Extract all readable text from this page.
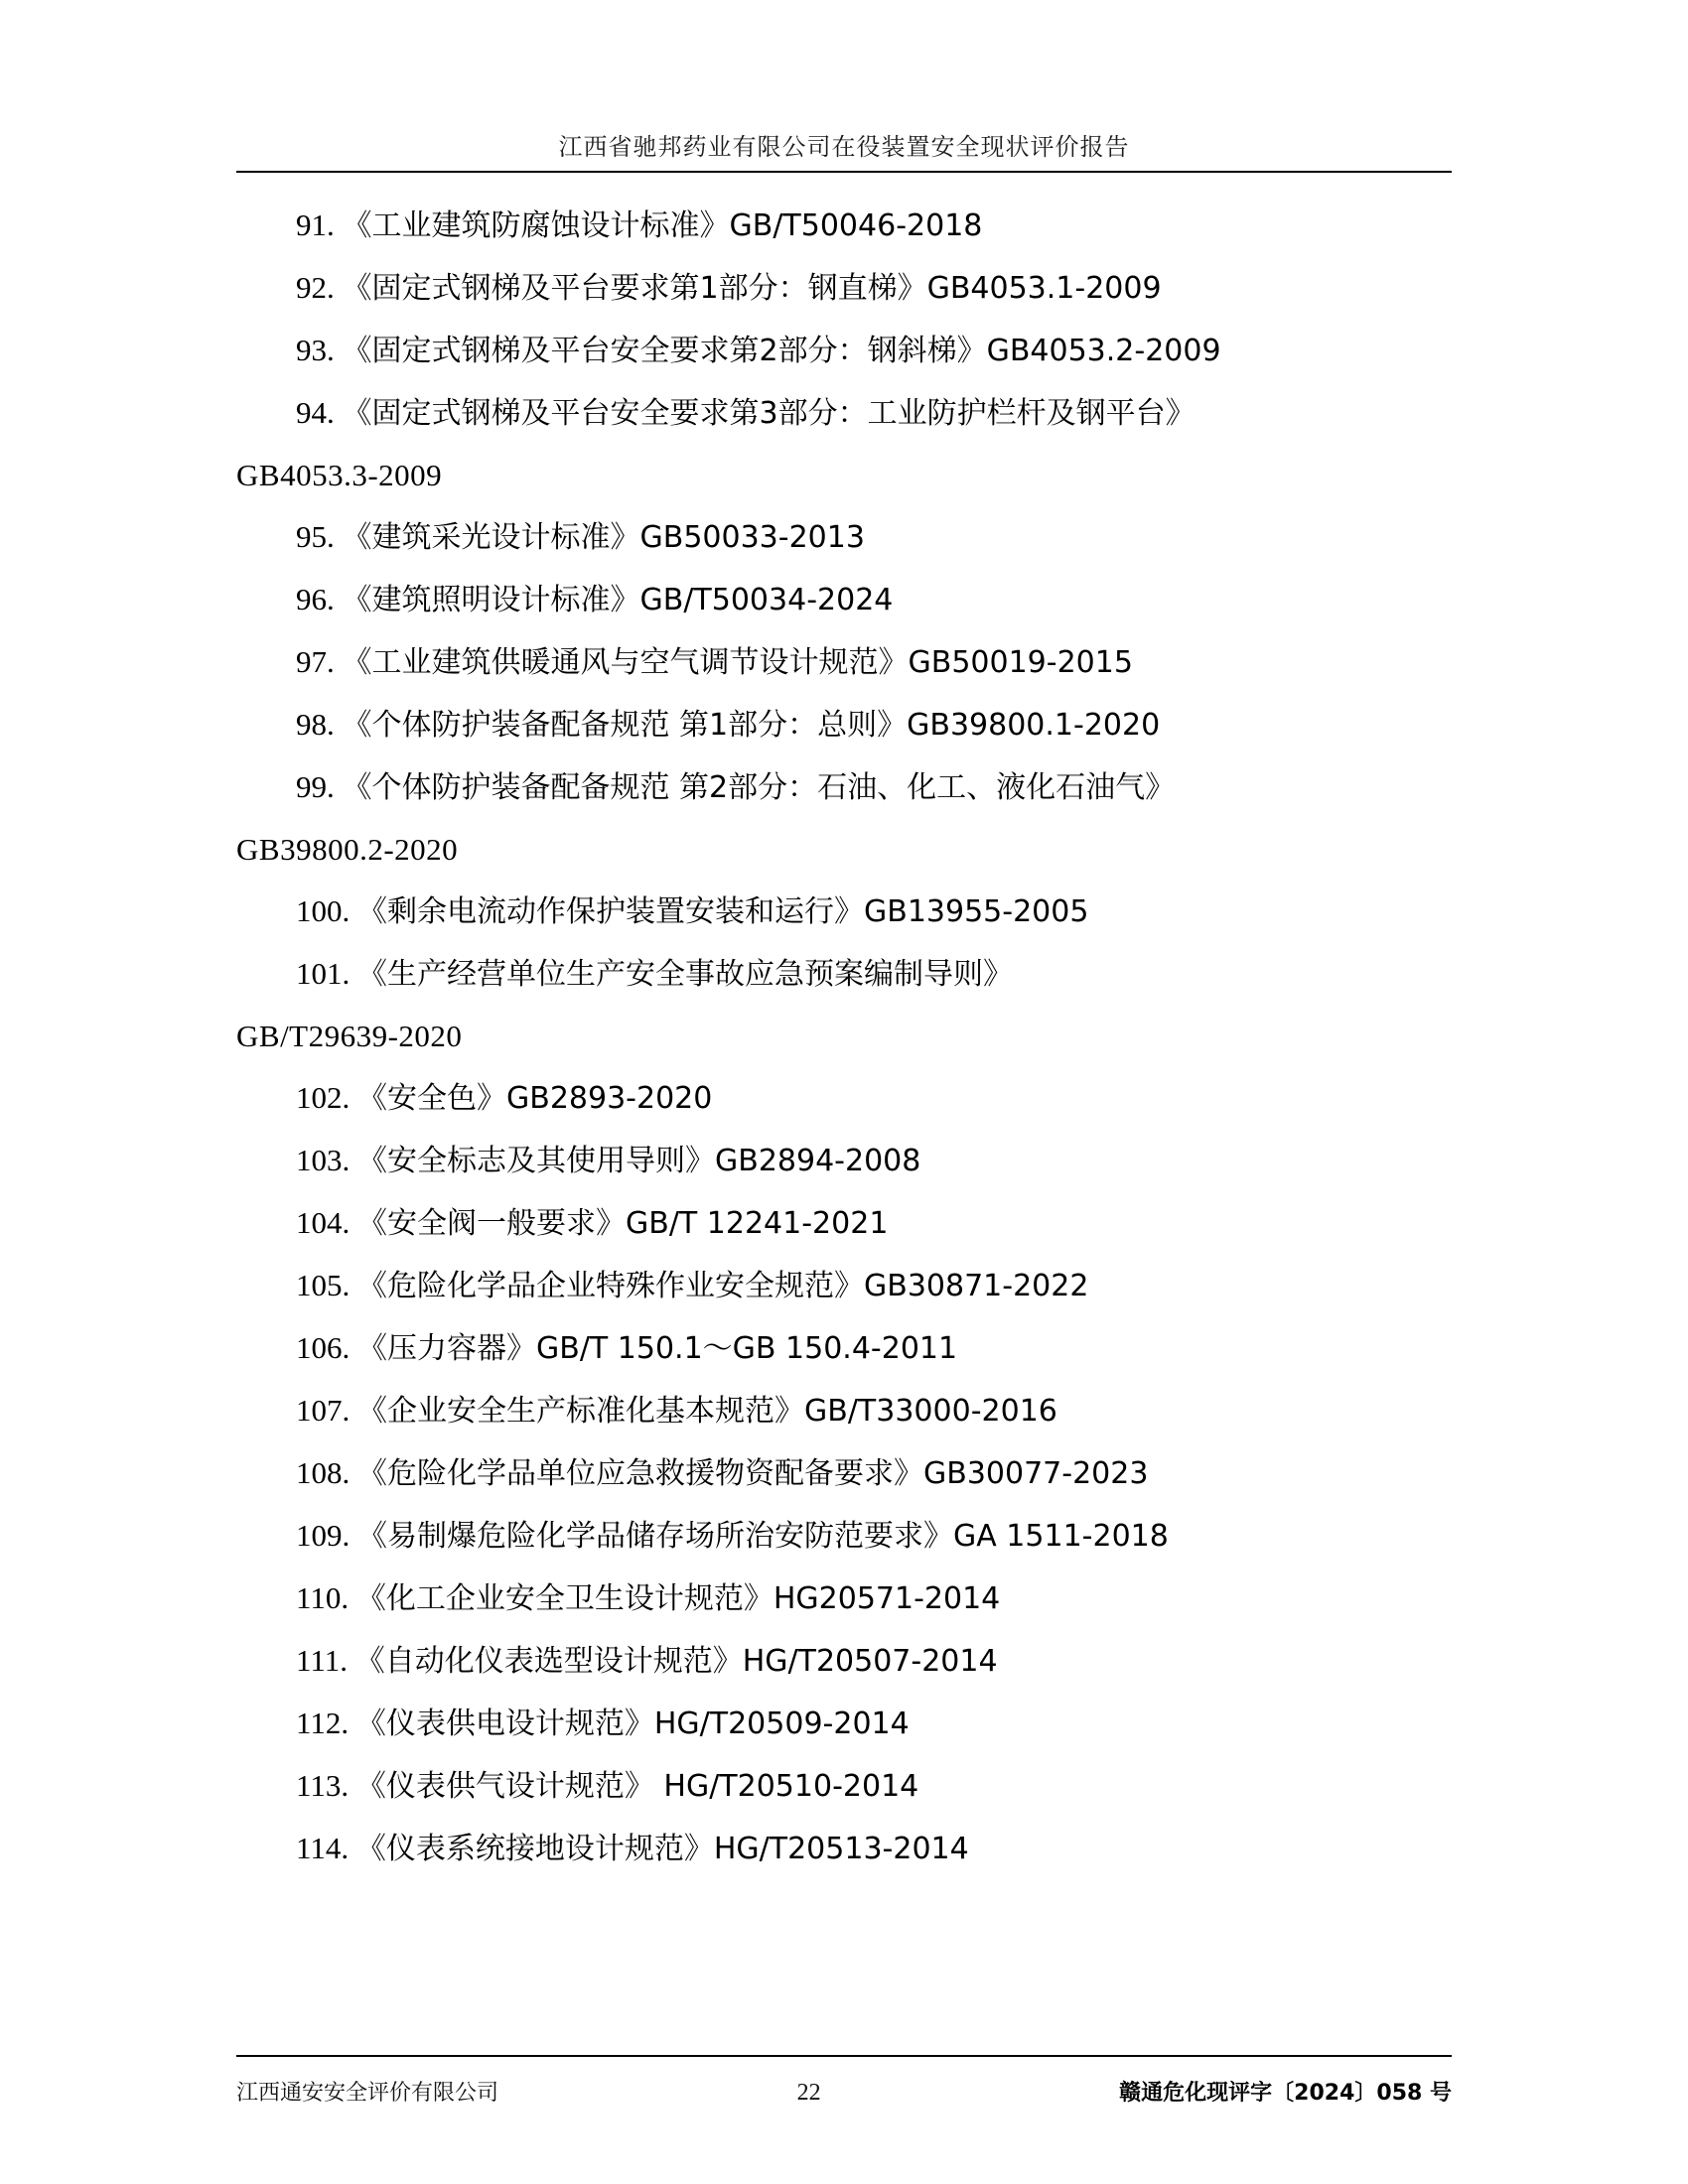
江西省驰邦药业有限公司在役装置安全现状评价报告
91. 《工业建筑防腐蚀设计标准》GB/T50046-2018
92. 《固定式钢梯及平台要求第1部分：钢直梯》GB4053.1-2009
93. 《固定式钢梯及平台安全要求第2部分：钢斜梯》GB4053.2-2009
94. 《固定式钢梯及平台安全要求第3部分：工业防护栏杆及钢平台》
GB4053.3-2009
95. 《建筑采光设计标准》GB50033-2013
96. 《建筑照明设计标准》GB/T50034-2024
97. 《工业建筑供暖通风与空气调节设计规范》GB50019-2015
98. 《个体防护装备配备规范 第1部分：总则》GB39800.1-2020
99. 《个体防护装备配备规范 第2部分：石油、化工、液化石油气》
GB39800.2-2020
100. 《剩余电流动作保护装置安装和运行》GB13955-2005
101. 《生产经营单位生产安全事故应急预案编制导则》
GB/T29639-2020
102. 《安全色》GB2893-2020
103. 《安全标志及其使用导则》GB2894-2008
104. 《安全阀一般要求》GB/T 12241-2021
105. 《危险化学品企业特殊作业安全规范》GB30871-2022
106. 《压力容器》GB/T 150.1～GB 150.4-2011
107. 《企业安全生产标准化基本规范》GB/T33000-2016
108. 《危险化学品单位应急救援物资配备要求》GB30077-2023
109. 《易制爆危险化学品储存场所治安防范要求》GA 1511-2018
110. 《化工企业安全卫生设计规范》HG20571-2014
111. 《自动化仪表选型设计规范》HG/T20507-2014
112. 《仪表供电设计规范》HG/T20509-2014
113. 《仪表供气设计规范》 HG/T20510-2014
114. 《仪表系统接地设计规范》HG/T20513-2014
江西通安安全评价有限公司	22	赣通危化现评字〔2024〕058 号
